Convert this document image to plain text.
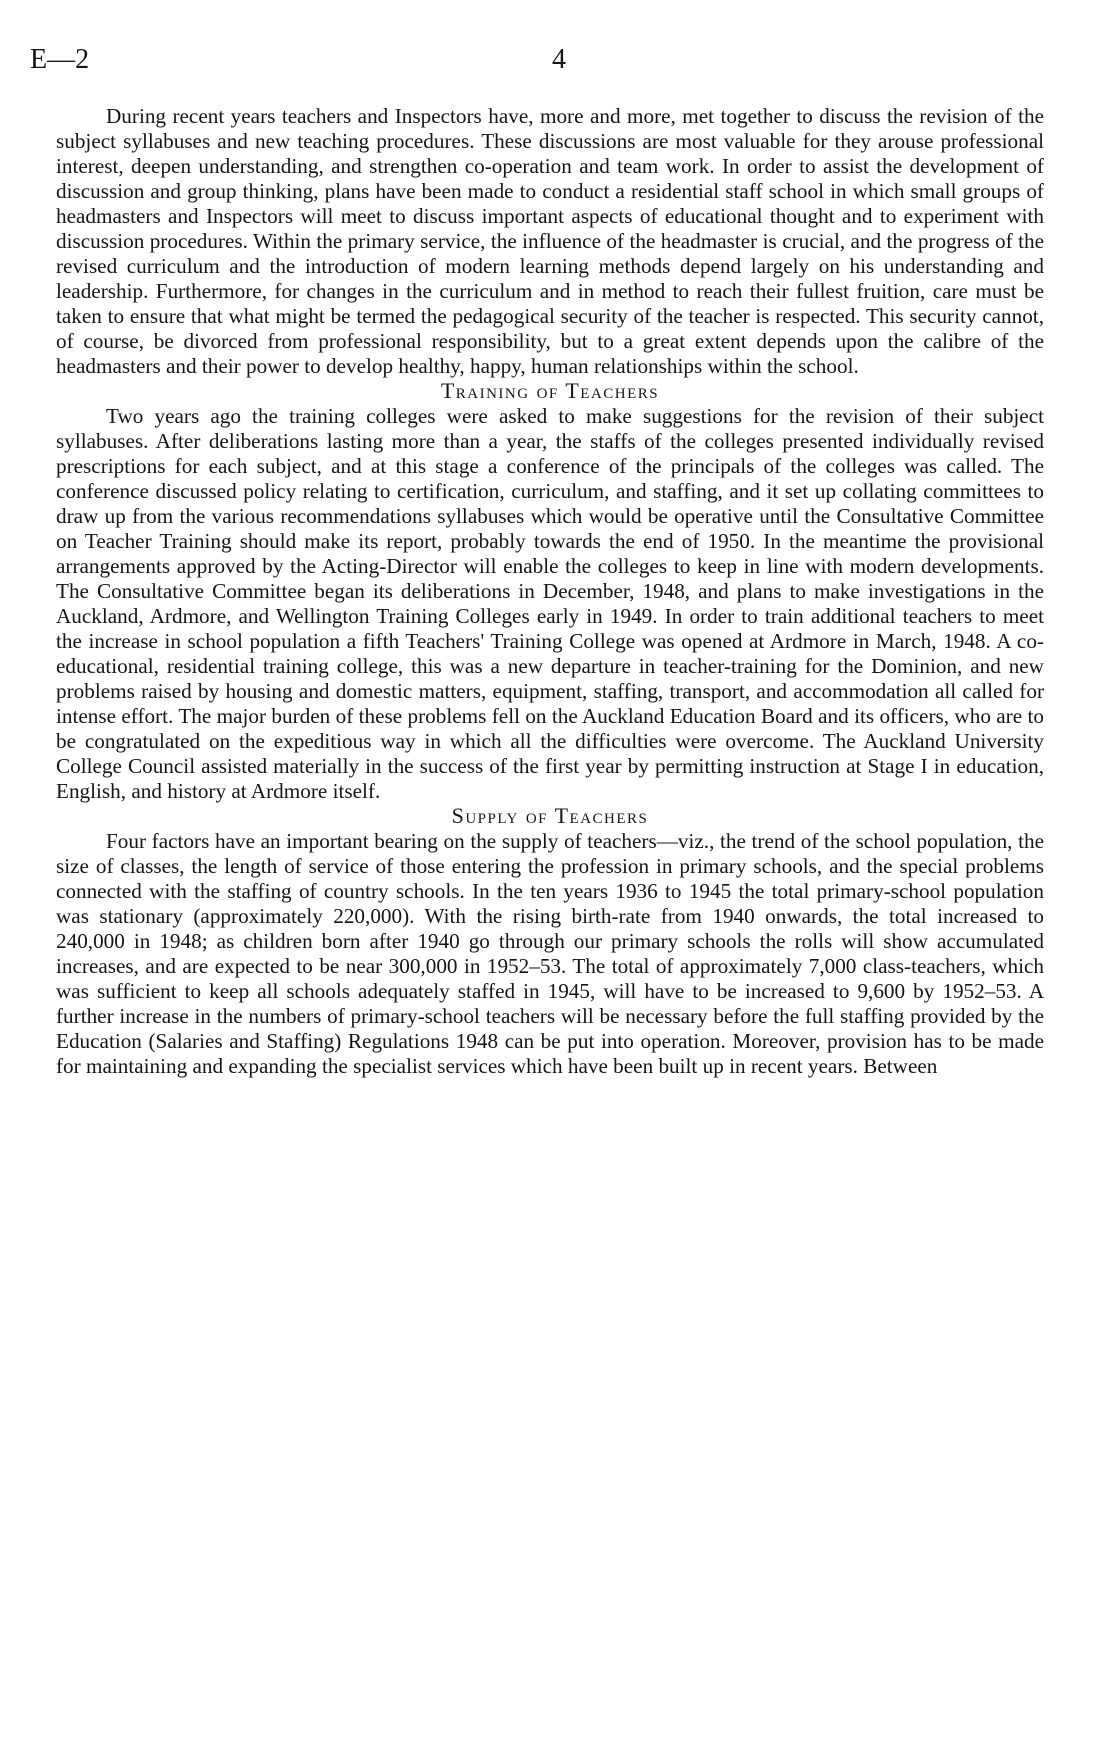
E—2	4

During recent years teachers and Inspectors have, more and more, met together to discuss the revision of the subject syllabuses and new teaching procedures. These discussions are most valuable for they arouse professional interest, deepen understanding, and strengthen co-operation and team work. In order to assist the development of discussion and group thinking, plans have been made to conduct a residential staff school in which small groups of headmasters and Inspectors will meet to discuss important aspects of educational thought and to experiment with discussion procedures. Within the primary service, the influence of the headmaster is crucial, and the progress of the revised curriculum and the introduction of modern learning methods depend largely on his understanding and leadership. Furthermore, for changes in the curriculum and in method to reach their fullest fruition, care must be taken to ensure that what might be termed the pedagogical security of the teacher is respected. This security cannot, of course, be divorced from professional responsibility, but to a great extent depends upon the calibre of the headmasters and their power to develop healthy, happy, human relationships within the school.

Training of Teachers

Two years ago the training colleges were asked to make suggestions for the revision of their subject syllabuses. After deliberations lasting more than a year, the staffs of the colleges presented individually revised prescriptions for each subject, and at this stage a conference of the principals of the colleges was called. The conference discussed policy relating to certification, curriculum, and staffing, and it set up collating committees to draw up from the various recommendations syllabuses which would be operative until the Consultative Committee on Teacher Training should make its report, probably towards the end of 1950. In the meantime the provisional arrangements approved by the Acting-Director will enable the colleges to keep in line with modern developments. The Consultative Committee began its deliberations in December, 1948, and plans to make investigations in the Auckland, Ardmore, and Wellington Training Colleges early in 1949. In order to train additional teachers to meet the increase in school population a fifth Teachers' Training College was opened at Ardmore in March, 1948. A co-educational, residential training college, this was a new departure in teacher-training for the Dominion, and new problems raised by housing and domestic matters, equipment, staffing, transport, and accommodation all called for intense effort. The major burden of these problems fell on the Auckland Education Board and its officers, who are to be congratulated on the expeditious way in which all the difficulties were overcome. The Auckland University College Council assisted materially in the success of the first year by permitting instruction at Stage I in education, English, and history at Ardmore itself.

Supply of Teachers

Four factors have an important bearing on the supply of teachers—viz., the trend of the school population, the size of classes, the length of service of those entering the profession in primary schools, and the special problems connected with the staffing of country schools. In the ten years 1936 to 1945 the total primary-school population was stationary (approximately 220,000). With the rising birth-rate from 1940 onwards, the total increased to 240,000 in 1948; as children born after 1940 go through our primary schools the rolls will show accumulated increases, and are expected to be near 300,000 in 1952–53. The total of approximately 7,000 class-teachers, which was sufficient to keep all schools adequately staffed in 1945, will have to be increased to 9,600 by 1952–53. A further increase in the numbers of primary-school teachers will be necessary before the full staffing provided by the Education (Salaries and Staffing) Regulations 1948 can be put into operation. Moreover, provision has to be made for maintaining and expanding the specialist services which have been built up in recent years. Between
